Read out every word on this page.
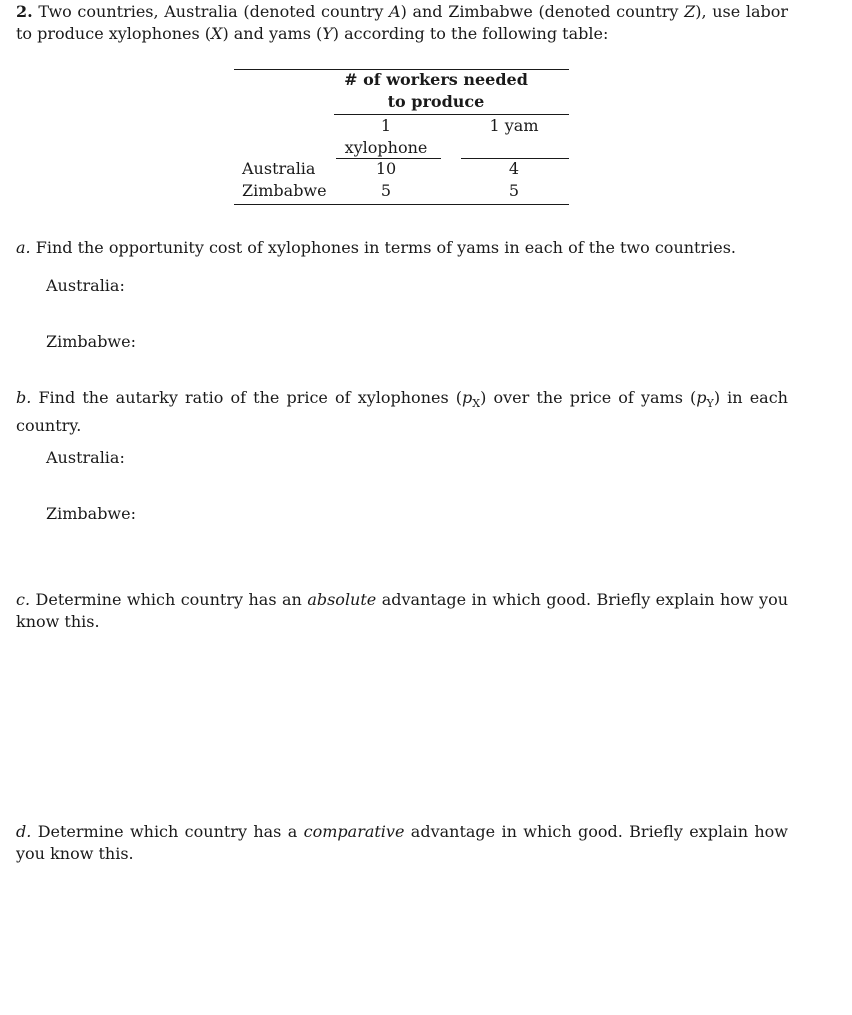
2. Two countries, Australia (denoted country A) and Zimbabwe (denoted country Z), use labor to produce xylophones (X) and yams (Y) according to the following table:

# of workers needed
to produce
1
xylophone
1 yam
Australia	10	4
Zimbabwe	5	5

a. Find the opportunity cost of xylophones in terms of yams in each of the two countries.

Australia:

Zimbabwe:

b. Find the autarky ratio of the price of xylophones $(p_X)$ over the price of yams $(p_Y)$ in each country.

Australia:

Zimbabwe:

c. Determine which country has an absolute advantage in which good. Briefly explain how you know this.

d. Determine which country has a comparative advantage in which good. Briefly explain how you know this.
